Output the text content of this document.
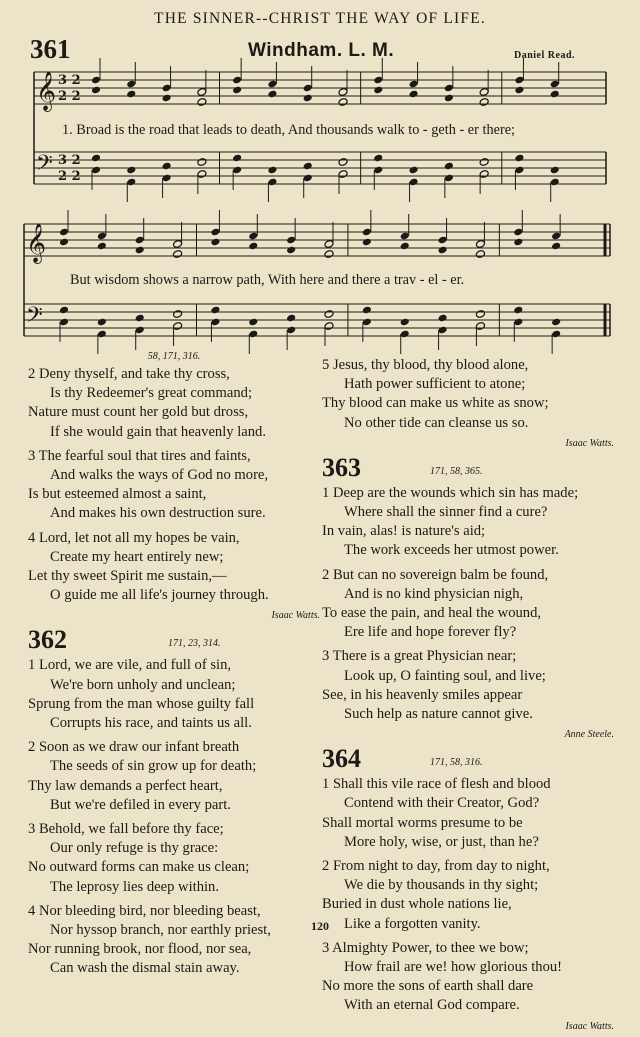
THE SINNER--CHRIST THE WAY OF LIFE.
361	Windham. L. M.	Daniel Read.
𝄞
𝄢
𝄞
𝄢
3 2
2 2
3 2
2 2
1. Broad is the road that leads to death, And thousands walk to - geth - er there;
But wisdom shows a narrow path, With here and there a trav - el - er.
58, 171, 316.
2 Deny thyself, and take thy cross,
Is thy Redeemer's great command;
Nature must count her gold but dross,
If she would gain that heavenly land.
3 The fearful soul that tires and faints,
And walks the ways of God no more,
Is but esteemed almost a saint,
And makes his own destruction sure.
4 Lord, let not all my hopes be vain,
Create my heart entirely new;
Let thy sweet Spirit me sustain,—
O guide me all life's journey through.
Isaac Watts.
362	171, 23, 314.
1 Lord, we are vile, and full of sin,
We're born unholy and unclean;
Sprung from the man whose guilty fall
Corrupts his race, and taints us all.
2 Soon as we draw our infant breath
The seeds of sin grow up for death;
Thy law demands a perfect heart,
But we're defiled in every part.
3 Behold, we fall before thy face;
Our only refuge is thy grace:
No outward forms can make us clean;
The leprosy lies deep within.
4 Nor bleeding bird, nor bleeding beast,
Nor hyssop branch, nor earthly priest,
Nor running brook, nor flood, nor sea,
Can wash the dismal stain away.
5 Jesus, thy blood, thy blood alone,
Hath power sufficient to atone;
Thy blood can make us white as snow;
No other tide can cleanse us so.
Isaac Watts.
363	171, 58, 365.
1 Deep are the wounds which sin has made;
Where shall the sinner find a cure?
In vain, alas! is nature's aid;
The work exceeds her utmost power.
2 But can no sovereign balm be found,
And is no kind physician nigh,
To ease the pain, and heal the wound,
Ere life and hope forever fly?
3 There is a great Physician near;
Look up, O fainting soul, and live;
See, in his heavenly smiles appear
Such help as nature cannot give.
Anne Steele.
364	171, 58, 316.
1 Shall this vile race of flesh and blood
Contend with their Creator, God?
Shall mortal worms presume to be
More holy, wise, or just, than he?
2 From night to day, from day to night,
We die by thousands in thy sight;
Buried in dust whole nations lie,
Like a forgotten vanity.
3 Almighty Power, to thee we bow;
How frail are we! how glorious thou!
No more the sons of earth shall dare
With an eternal God compare.
Isaac Watts.
120
